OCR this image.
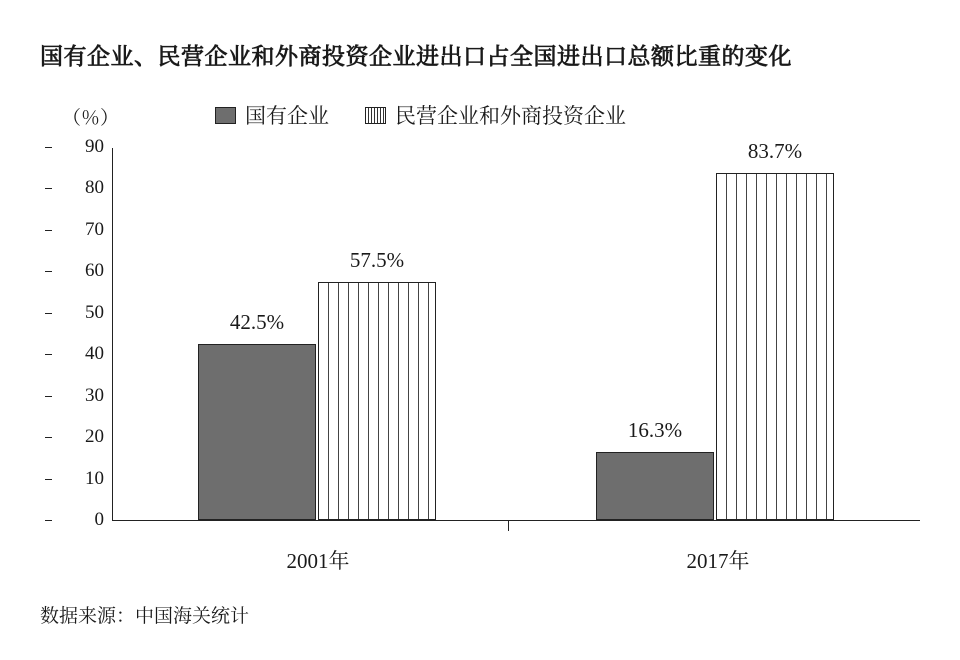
国有企业、民营企业和外商投资企业进出口占全国进出口总额比重的变化
（％）	国有企业	民营企业和外商投资企业
0
10
20
30
40
50
60
70
80
90
42.5%
57.5%
16.3%
83.7%
2001年	2017年
数据来源：中国海关统计
